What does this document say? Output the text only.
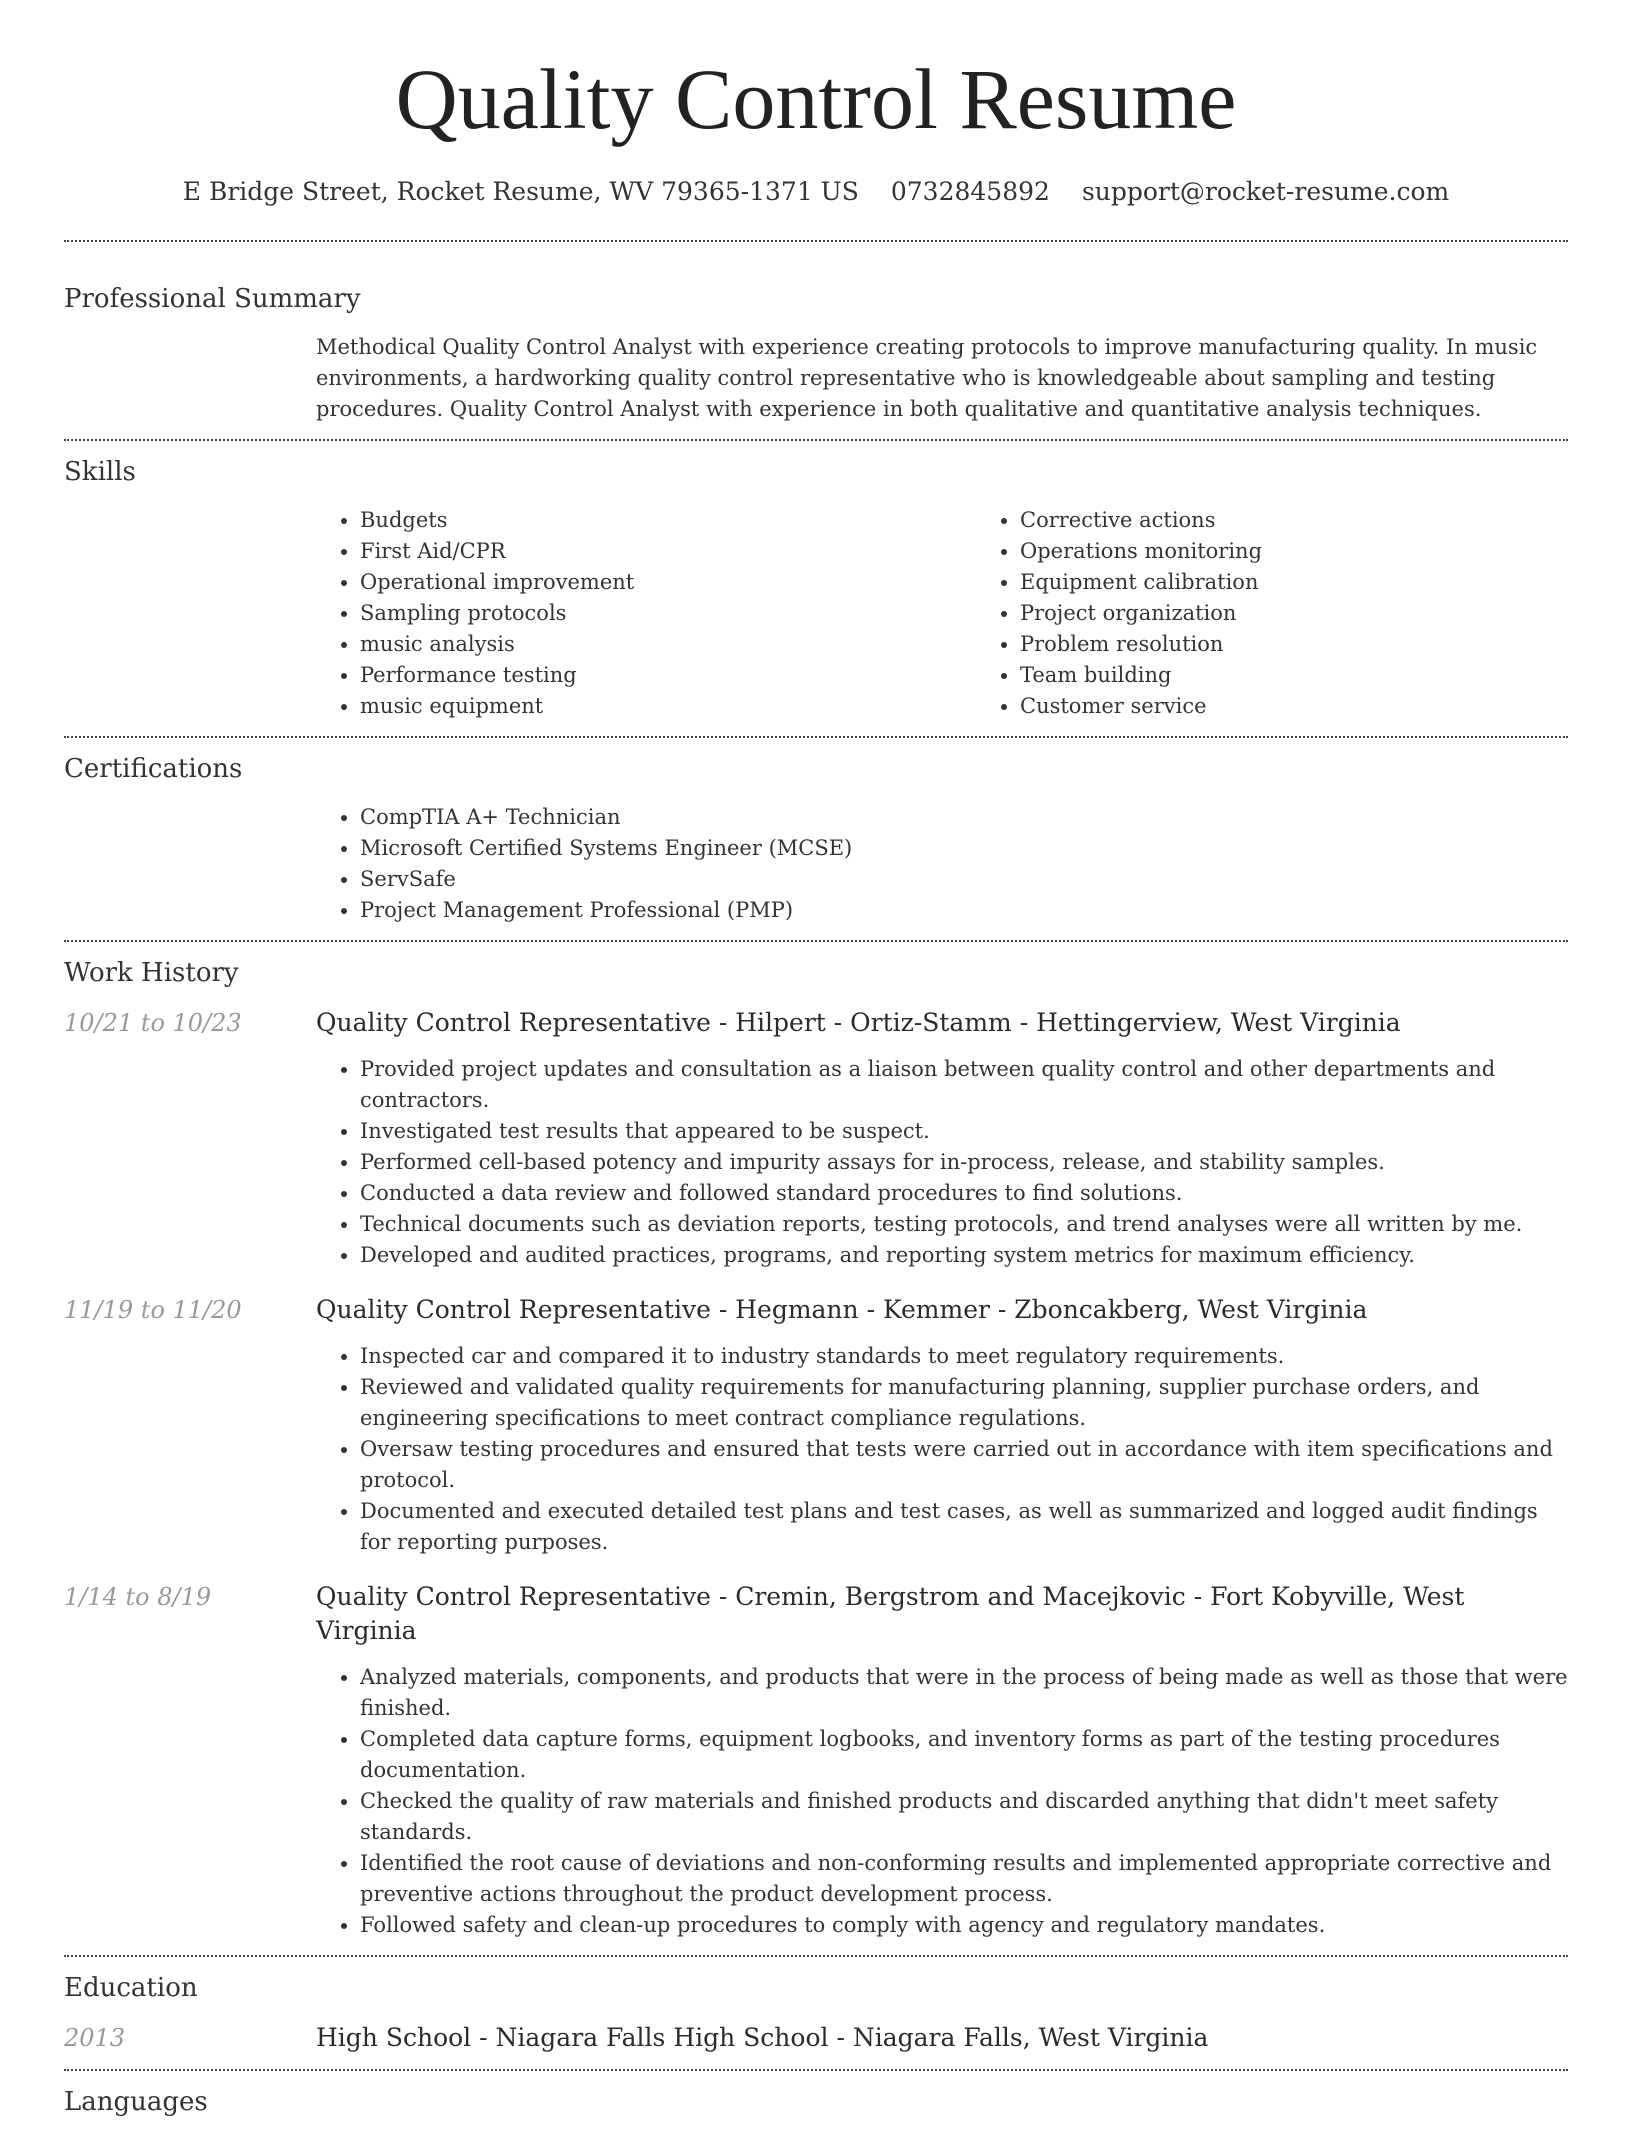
Quality Control Resume
E Bridge Street, Rocket Resume, WV 79365-1371 US 0732845892 support@rocket-resume.com
Professional Summary

Methodical Quality Control Analyst with experience creating protocols to improve manufacturing quality. In music environments, a hardworking quality control representative who is knowledgeable about sampling and testing procedures. Quality Control Analyst with experience in both qualitative and quantitative analysis techniques.

Skills
• Budgets
• First Aid/CPR
• Operational improvement
• Sampling protocols
• music analysis
• Performance testing
• music equipment
• Corrective actions
• Operations monitoring
• Equipment calibration
• Project organization
• Problem resolution
• Team building
• Customer service
Certifications
• CompTIA A+ Technician
• Microsoft Certified Systems Engineer (MCSE)
• ServSafe
• Project Management Professional (PMP)
Work History
10/21 to 10/23	Quality Control Representative - Hilpert - Ortiz-Stamm - Hettingerview, West Virginia
• Provided project updates and consultation as a liaison between quality control and other departments and contractors.
• Investigated test results that appeared to be suspect.
• Performed cell-based potency and impurity assays for in-process, release, and stability samples.
• Conducted a data review and followed standard procedures to find solutions.
• Technical documents such as deviation reports, testing protocols, and trend analyses were all written by me.
• Developed and audited practices, programs, and reporting system metrics for maximum efficiency.
11/19 to 11/20	Quality Control Representative - Hegmann - Kemmer - Zboncakberg, West Virginia
• Inspected car and compared it to industry standards to meet regulatory requirements.
• Reviewed and validated quality requirements for manufacturing planning, supplier purchase orders, and engineering specifications to meet contract compliance regulations.
• Oversaw testing procedures and ensured that tests were carried out in accordance with item specifications and protocol.
• Documented and executed detailed test plans and test cases, as well as summarized and logged audit findings for reporting purposes.
1/14 to 8/19	Quality Control Representative - Cremin, Bergstrom and Macejkovic - Fort Kobyville, West Virginia
• Analyzed materials, components, and products that were in the process of being made as well as those that were finished.
• Completed data capture forms, equipment logbooks, and inventory forms as part of the testing procedures documentation.
• Checked the quality of raw materials and finished products and discarded anything that didn't meet safety standards.
• Identified the root cause of deviations and non-conforming results and implemented appropriate corrective and preventive actions throughout the product development process.
• Followed safety and clean-up procedures to comply with agency and regulatory mandates.
Education
2013	High School - Niagara Falls High School - Niagara Falls, West Virginia
Languages
